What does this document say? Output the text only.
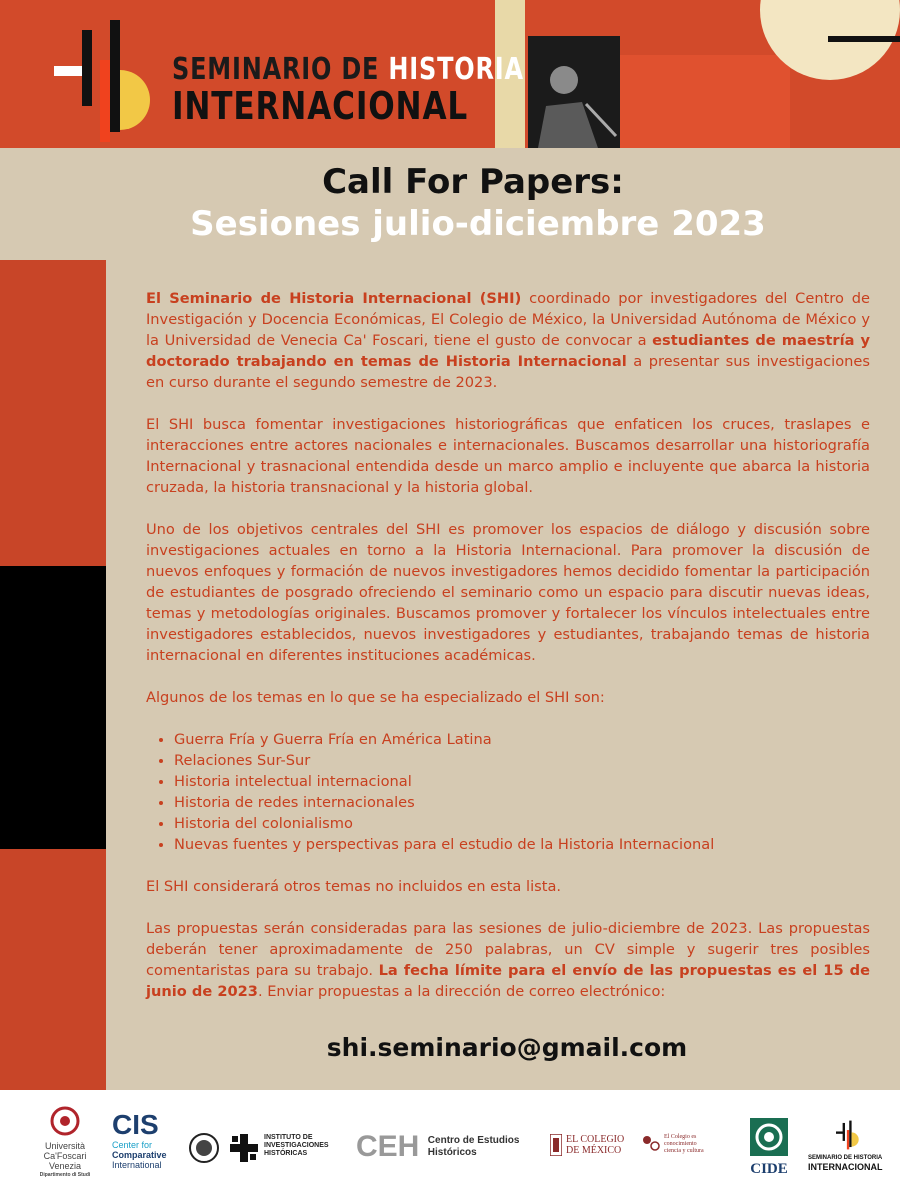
SEMINARIO DE HISTORIA
INTERNACIONAL
Call For Papers:
Sesiones julio-diciembre 2023

El Seminario de Historia Internacional (SHI) coordinado por investigadores del Centro de Investigación y Docencia Económicas, El Colegio de México, la Universidad Autónoma de México y la Universidad de Venecia Ca' Foscari, tiene el gusto de convocar a estudiantes de maestría y doctorado trabajando en temas de Historia Internacional a presentar sus investigaciones en curso durante el segundo semestre de 2023.

El SHI busca fomentar investigaciones historiográficas que enfaticen los cruces, traslapes e interacciones entre actores nacionales e internacionales. Buscamos desarrollar una historiografía Internacional y trasnacional entendida desde un marco amplio e incluyente que abarca la historia cruzada, la historia transnacional y la historia global.

Uno de los objetivos centrales del SHI es promover los espacios de diálogo y discusión sobre investigaciones actuales en torno a la Historia Internacional. Para promover la discusión de nuevos enfoques y formación de nuevos investigadores hemos decidido fomentar la participación de estudiantes de posgrado ofreciendo el seminario como un espacio para discutir nuevas ideas, temas y metodologías originales. Buscamos promover y fortalecer los vínculos intelectuales entre investigadores establecidos, nuevos investigadores y estudiantes, trabajando temas de historia internacional en diferentes instituciones académicas.

Algunos de los temas en lo que se ha especializado el SHI son:

• Guerra Fría y Guerra Fría en América Latina
• Relaciones Sur-Sur
• Historia intelectual internacional
• Historia de redes internacionales
• Historia del colonialismo
• Nuevas fuentes y perspectivas para el estudio de la Historia Internacional

El SHI considerará otros temas no incluidos en esta lista.

Las propuestas serán consideradas para las sesiones de julio-diciembre de 2023. Las propuestas deberán tener aproximadamente de 250 palabras, un CV simple y sugerir tres posibles comentaristas para su trabajo. La fecha límite para el envío de las propuestas es el 15 de junio de 2023. Enviar propuestas a la dirección de correo electrónico:

shi.seminario@gmail.com
Università
Ca'Foscari
Venezia
Dipartimento di Studi
CIS
Center for
Comparative
International
INSTITUTO DE
INVESTIGACIONES
HISTÓRICAS	CEH Centro de Estudios
Históricos
EL COLEGIO
DE MÉXICO
El Colegio es
conocimiento
ciencia y cultura
CIDE
SEMINARIO DE HISTORIA
INTERNACIONAL
